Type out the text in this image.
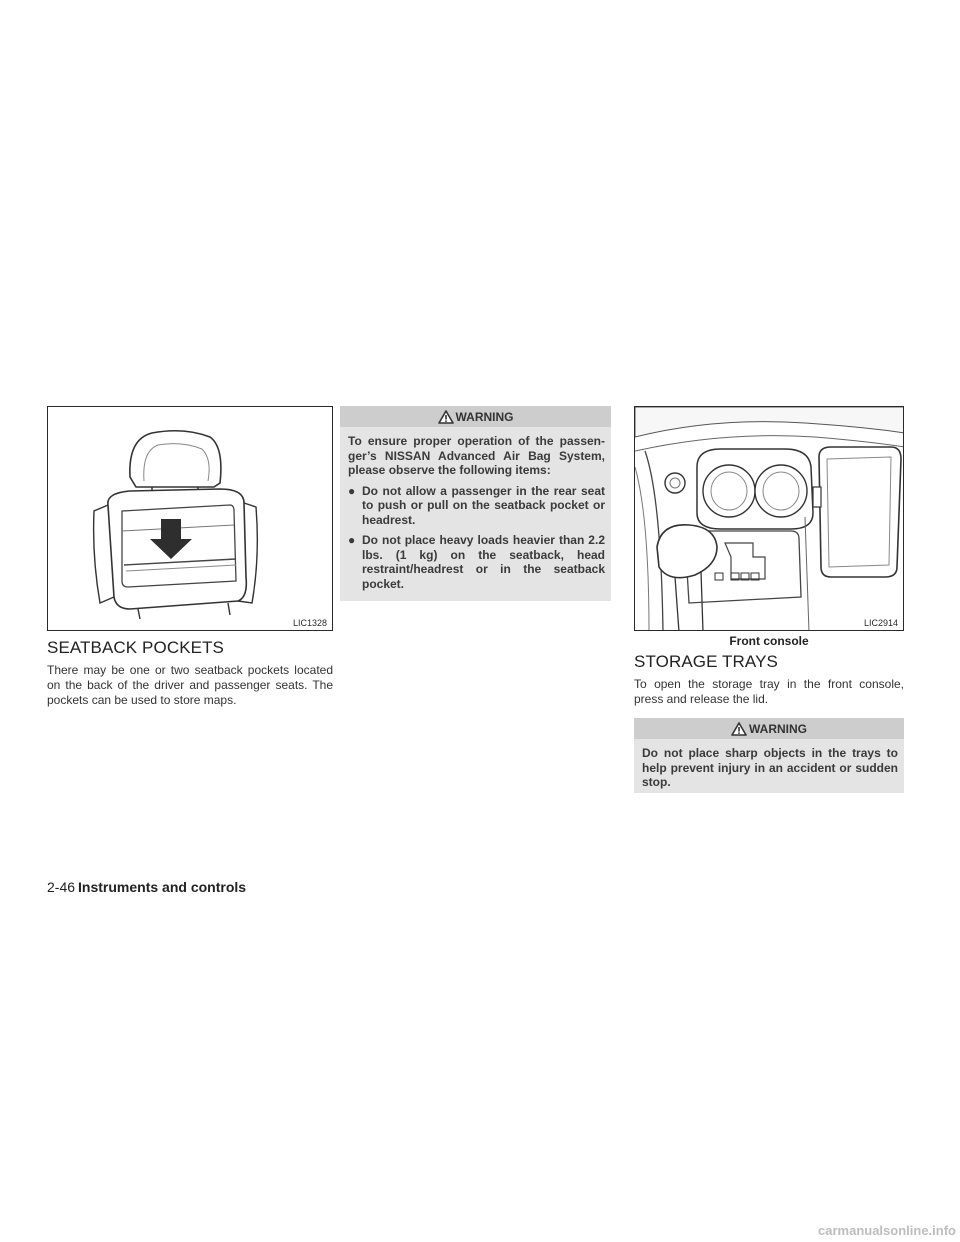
LIC1328
SEATBACK POCKETS

There may be one or two seatback pockets located on the back of the driver and passenger seats. The pockets can be used to store maps.

WARNING
To ensure proper operation of the passenger’s NISSAN Advanced Air Bag System, please observe the following items:
● Do not allow a passenger in the rear seat to push or pull on the seatback pocket or headrest.
● Do not place heavy loads heavier than 2.2 lbs. (1 kg) on the seatback, head restraint/headrest or in the seatback pocket.
LIC2914
Front console
STORAGE TRAYS

To open the storage tray in the front console, press and release the lid.

WARNING
Do not place sharp objects in the trays to help prevent injury in an accident or sudden stop.
2-46 Instruments and controls
carmanualsonline.info
